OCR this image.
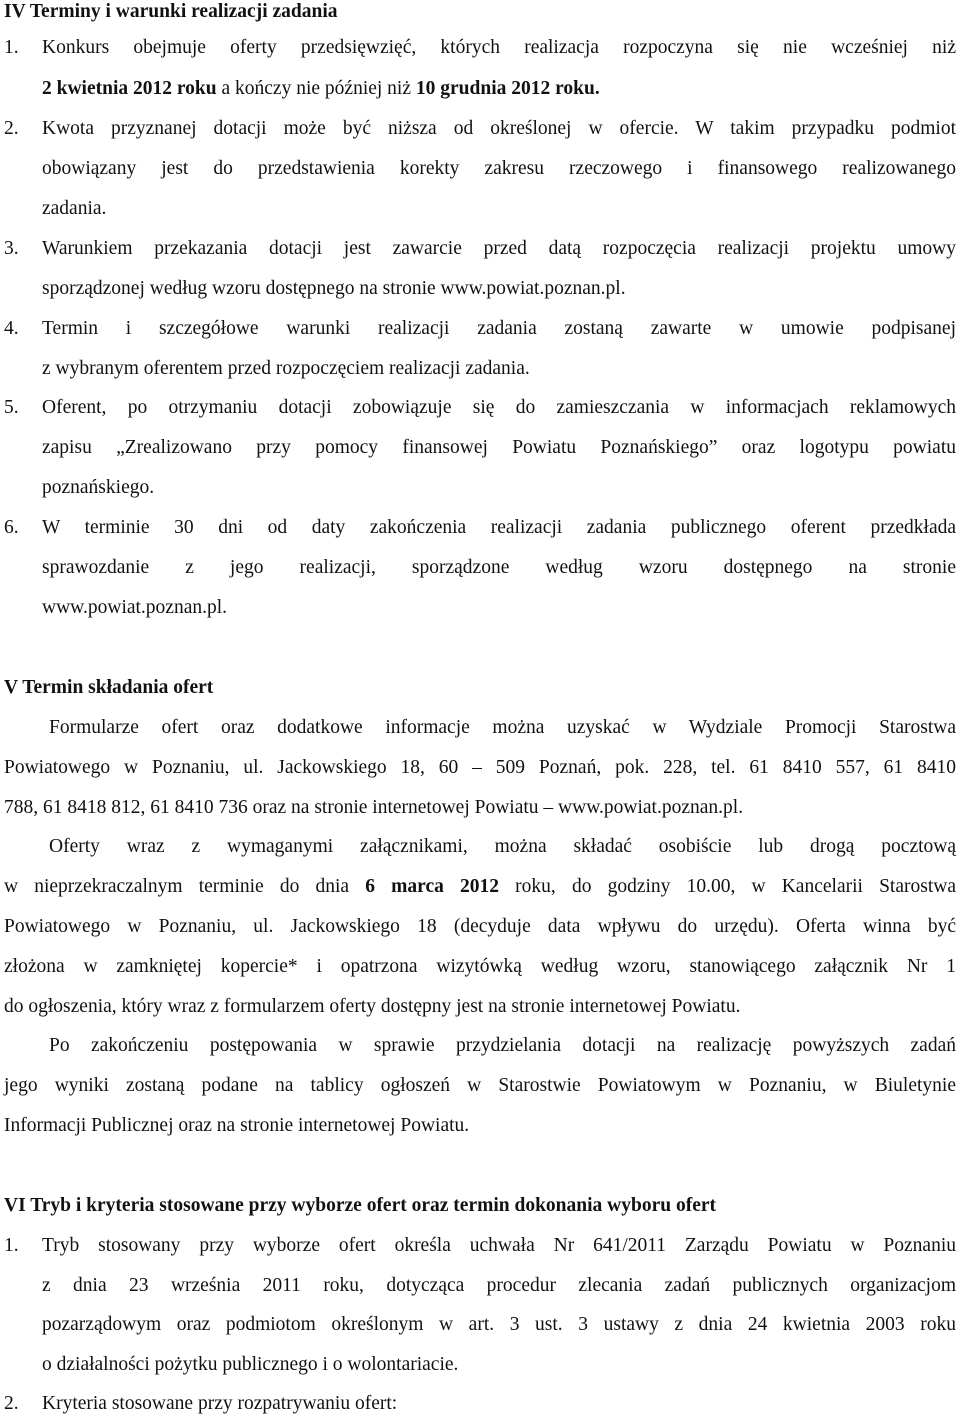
IV Terminy i warunki realizacji zadania
1. Konkurs obejmuje oferty przedsięwzięć, których realizacja rozpoczyna się nie wcześniej niż
2 kwietnia 2012 roku a kończy nie później niż 10 grudnia 2012 roku.
2. Kwota przyznanej dotacji może być niższa od określonej w ofercie. W takim przypadku podmiot
obowiązany jest do przedstawienia korekty zakresu rzeczowego i finansowego realizowanego
zadania.
3. Warunkiem przekazania dotacji jest zawarcie przed datą rozpoczęcia realizacji projektu umowy
sporządzonej według wzoru dostępnego na stronie www.powiat.poznan.pl.
4. Termin i szczegółowe warunki realizacji zadania zostaną zawarte w umowie podpisanej
z wybranym oferentem przed rozpoczęciem realizacji zadania.
5. Oferent, po otrzymaniu dotacji zobowiązuje się do zamieszczania w informacjach reklamowych
zapisu „Zrealizowano przy pomocy finansowej Powiatu Poznańskiego” oraz logotypu powiatu
poznańskiego.
6. W terminie 30 dni od daty zakończenia realizacji zadania publicznego oferent przedkłada
sprawozdanie z jego realizacji, sporządzone według wzoru dostępnego na stronie
www.powiat.poznan.pl.
V Termin składania ofert
Formularze ofert oraz dodatkowe informacje można uzyskać w Wydziale Promocji Starostwa
Powiatowego w Poznaniu, ul. Jackowskiego 18, 60 – 509 Poznań, pok. 228, tel. 61 8410 557, 61 8410
788, 61 8418 812, 61 8410 736 oraz na stronie internetowej Powiatu – www.powiat.poznan.pl.
Oferty wraz z wymaganymi załącznikami, można składać osobiście lub drogą pocztową
w nieprzekraczalnym terminie do dnia 6 marca 2012 roku, do godziny 10.00, w Kancelarii Starostwa
Powiatowego w Poznaniu, ul. Jackowskiego 18 (decyduje data wpływu do urzędu). Oferta winna być
złożona w zamkniętej kopercie* i opatrzona wizytówką według wzoru, stanowiącego załącznik Nr 1
do ogłoszenia, który wraz z formularzem oferty dostępny jest na stronie internetowej Powiatu.
Po zakończeniu postępowania w sprawie przydzielania dotacji na realizację powyższych zadań
jego wyniki zostaną podane na tablicy ogłoszeń w Starostwie Powiatowym w Poznaniu, w Biuletynie
Informacji Publicznej oraz na stronie internetowej Powiatu.
VI Tryb i kryteria stosowane przy wyborze ofert oraz termin dokonania wyboru ofert
1. Tryb stosowany przy wyborze ofert określa uchwała Nr 641/2011 Zarządu Powiatu w Poznaniu
z dnia 23 września 2011 roku, dotycząca procedur zlecania zadań publicznych organizacjom
pozarządowym oraz podmiotom określonym w art. 3 ust. 3 ustawy z dnia 24 kwietnia 2003 roku
o działalności pożytku publicznego i o wolontariacie.
2. Kryteria stosowane przy rozpatrywaniu ofert:
